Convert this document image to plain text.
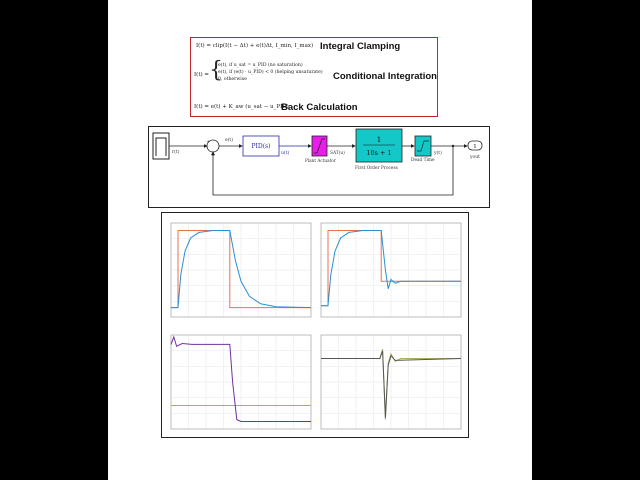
I(t) = clip(I(t − Δt) + e(t)Δt, I_min, I_max) Integral Clamping
I(t) = {
e(t), if u_sat = u_PID (no saturation)
e(t), if (e(t) · u_PID) < 0 (helping unsaturate)
0, otherwise	Conditional Integration
I(t) = e(t) + K_aw (u_sat − u_PID)
Back Calculation
r(t)
+
−
e(t)
PID(s)
u(t)
Plant Actuator
SAT(u)
1
10s + 1
First Order Process
Dead Time
y(t)
1
yout
